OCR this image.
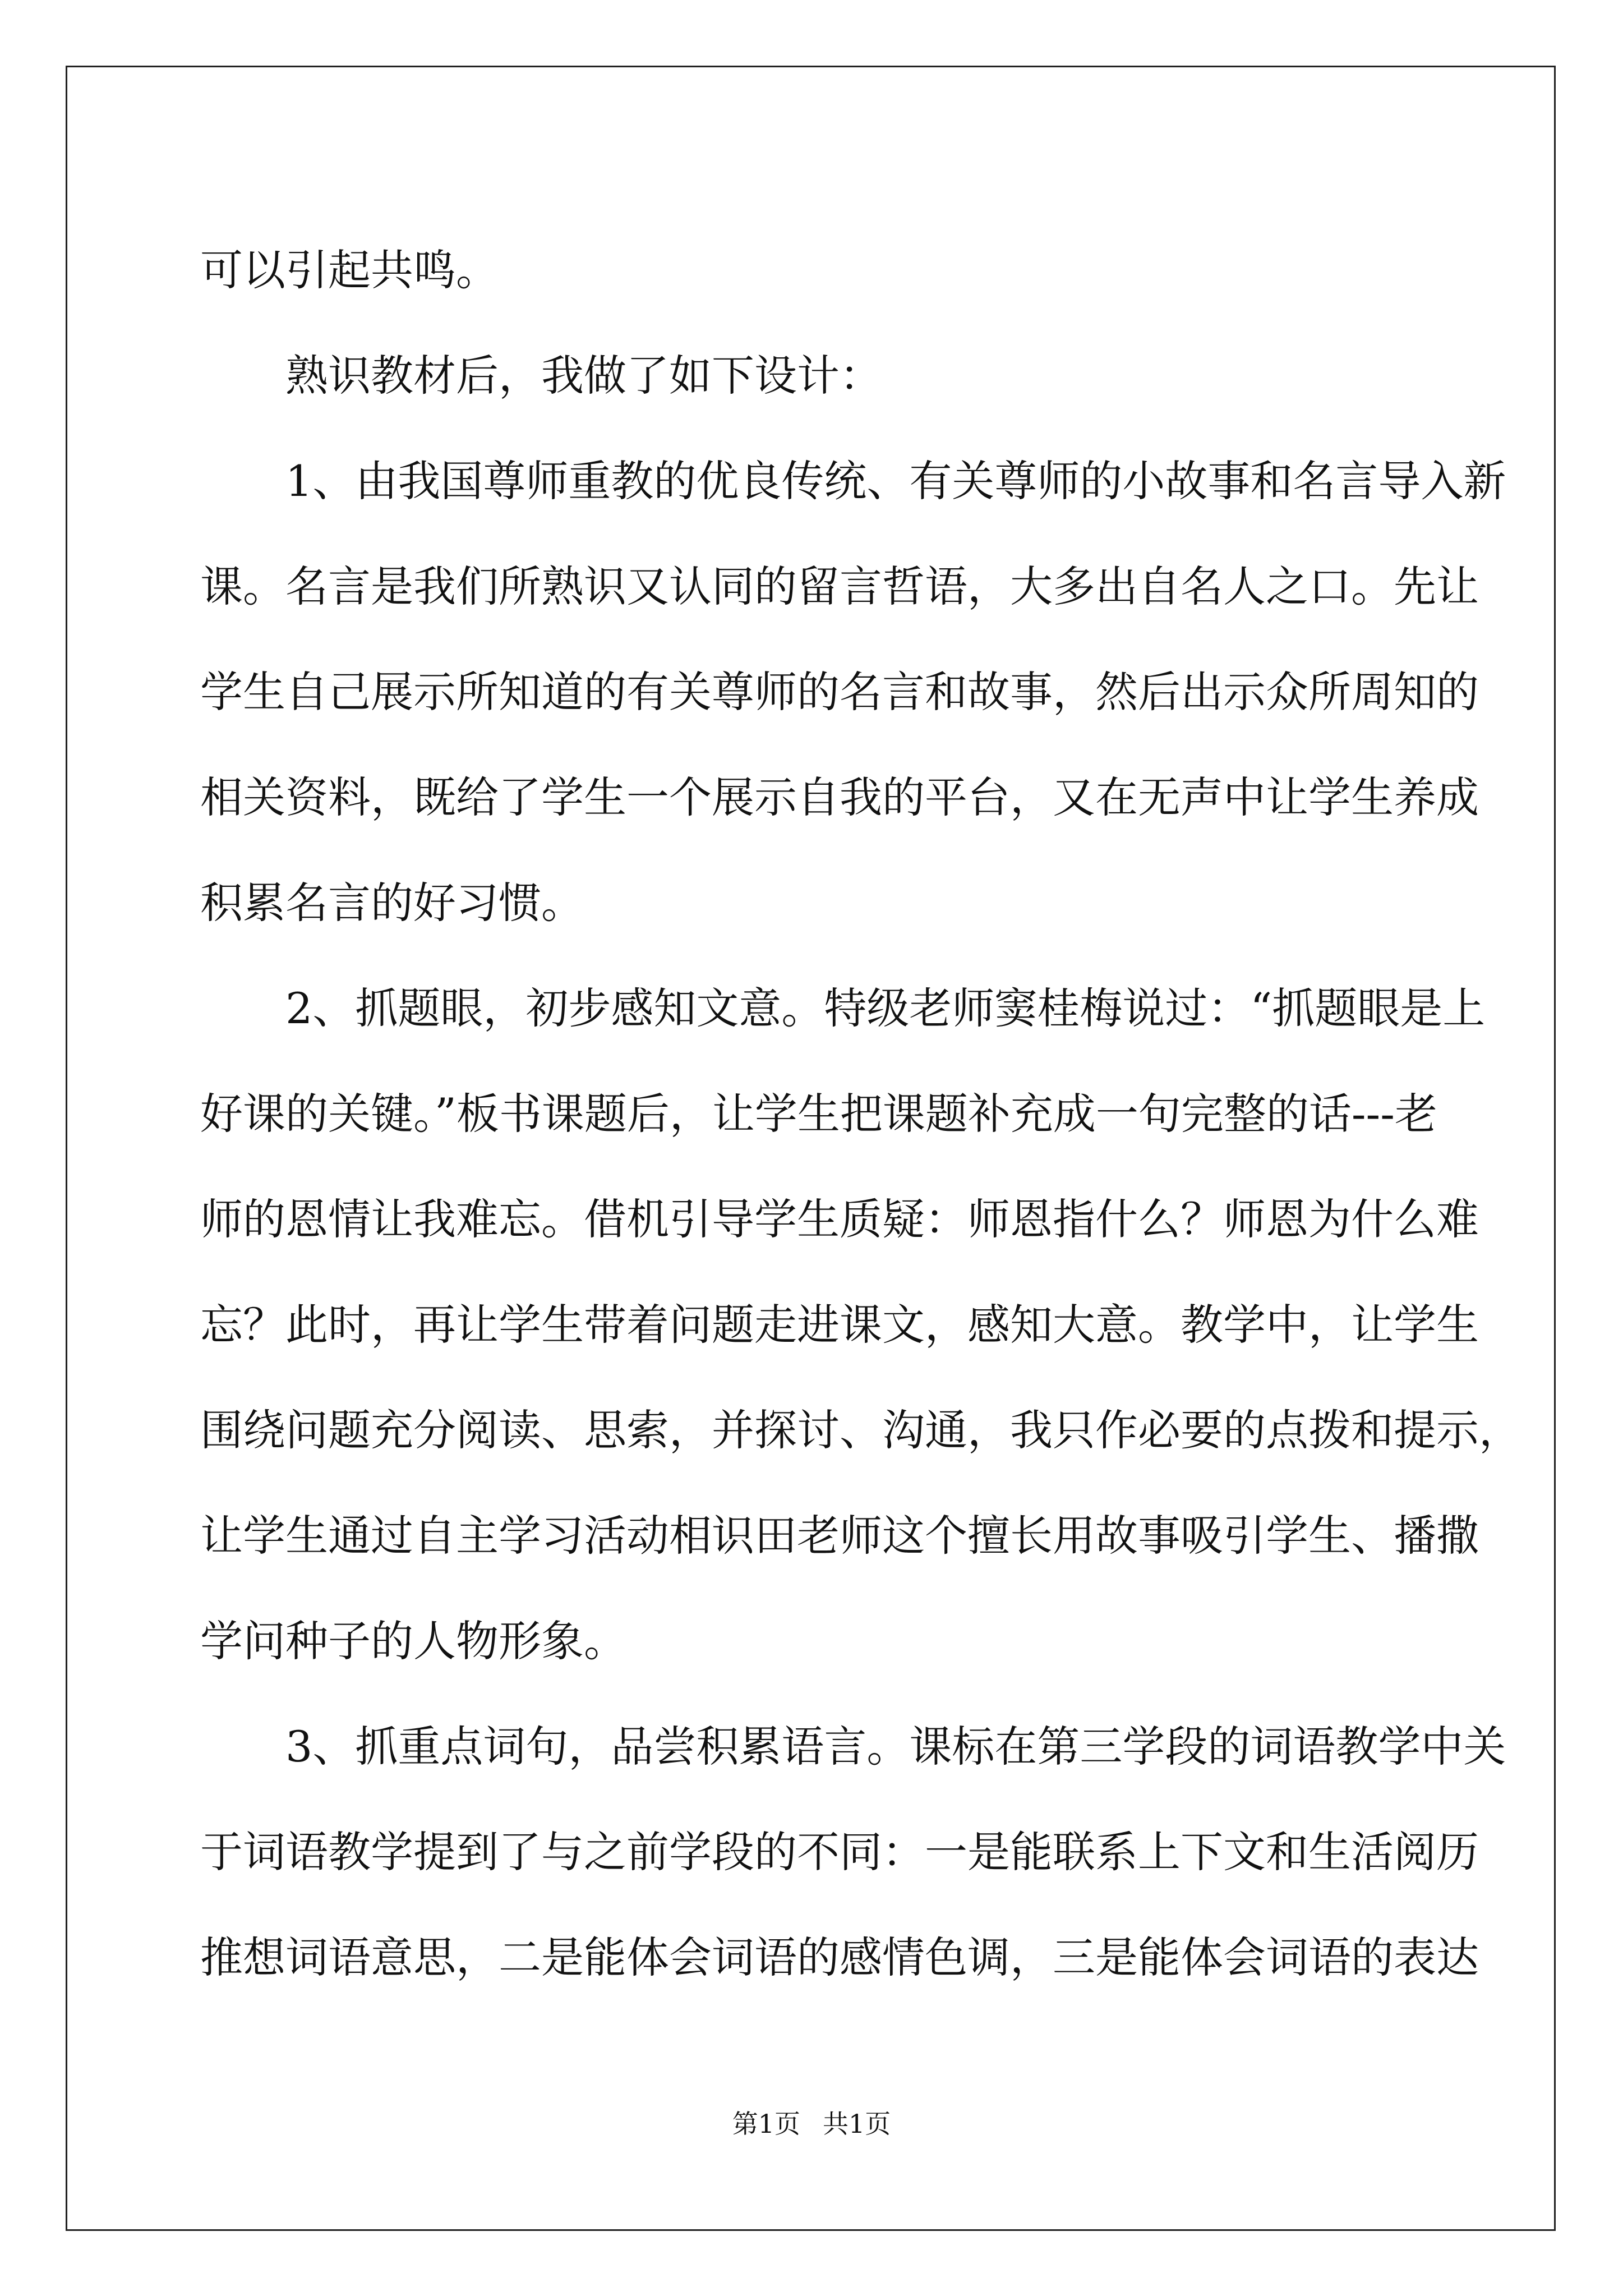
可以引起共鸣。
熟识教材后，我做了如下设计：
1、由我国尊师重教的优良传统、有关尊师的小故事和名言导入新
课。名言是我们所熟识又认同的留言哲语，大多出自名人之口。先让
学生自己展示所知道的有关尊师的名言和故事，然后出示众所周知的
相关资料，既给了学生一个展示自我的平台，又在无声中让学生养成
积累名言的好习惯。
2、抓题眼，初步感知文意。特级老师窦桂梅说过：“抓题眼是上
好课的关键。”板书课题后，让学生把课题补充成一句完整的话---老
师的恩情让我难忘。借机引导学生质疑：师恩指什么？师恩为什么难
忘？此时，再让学生带着问题走进课文，感知大意。教学中，让学生
围绕问题充分阅读、思索，并探讨、沟通，我只作必要的点拨和提示，
让学生通过自主学习活动相识田老师这个擅长用故事吸引学生、播撒
学问种子的人物形象。
3、抓重点词句，品尝积累语言。课标在第三学段的词语教学中关
于词语教学提到了与之前学段的不同：一是能联系上下文和生活阅历
推想词语意思，二是能体会词语的感情色调，三是能体会词语的表达
第1页 共1页
